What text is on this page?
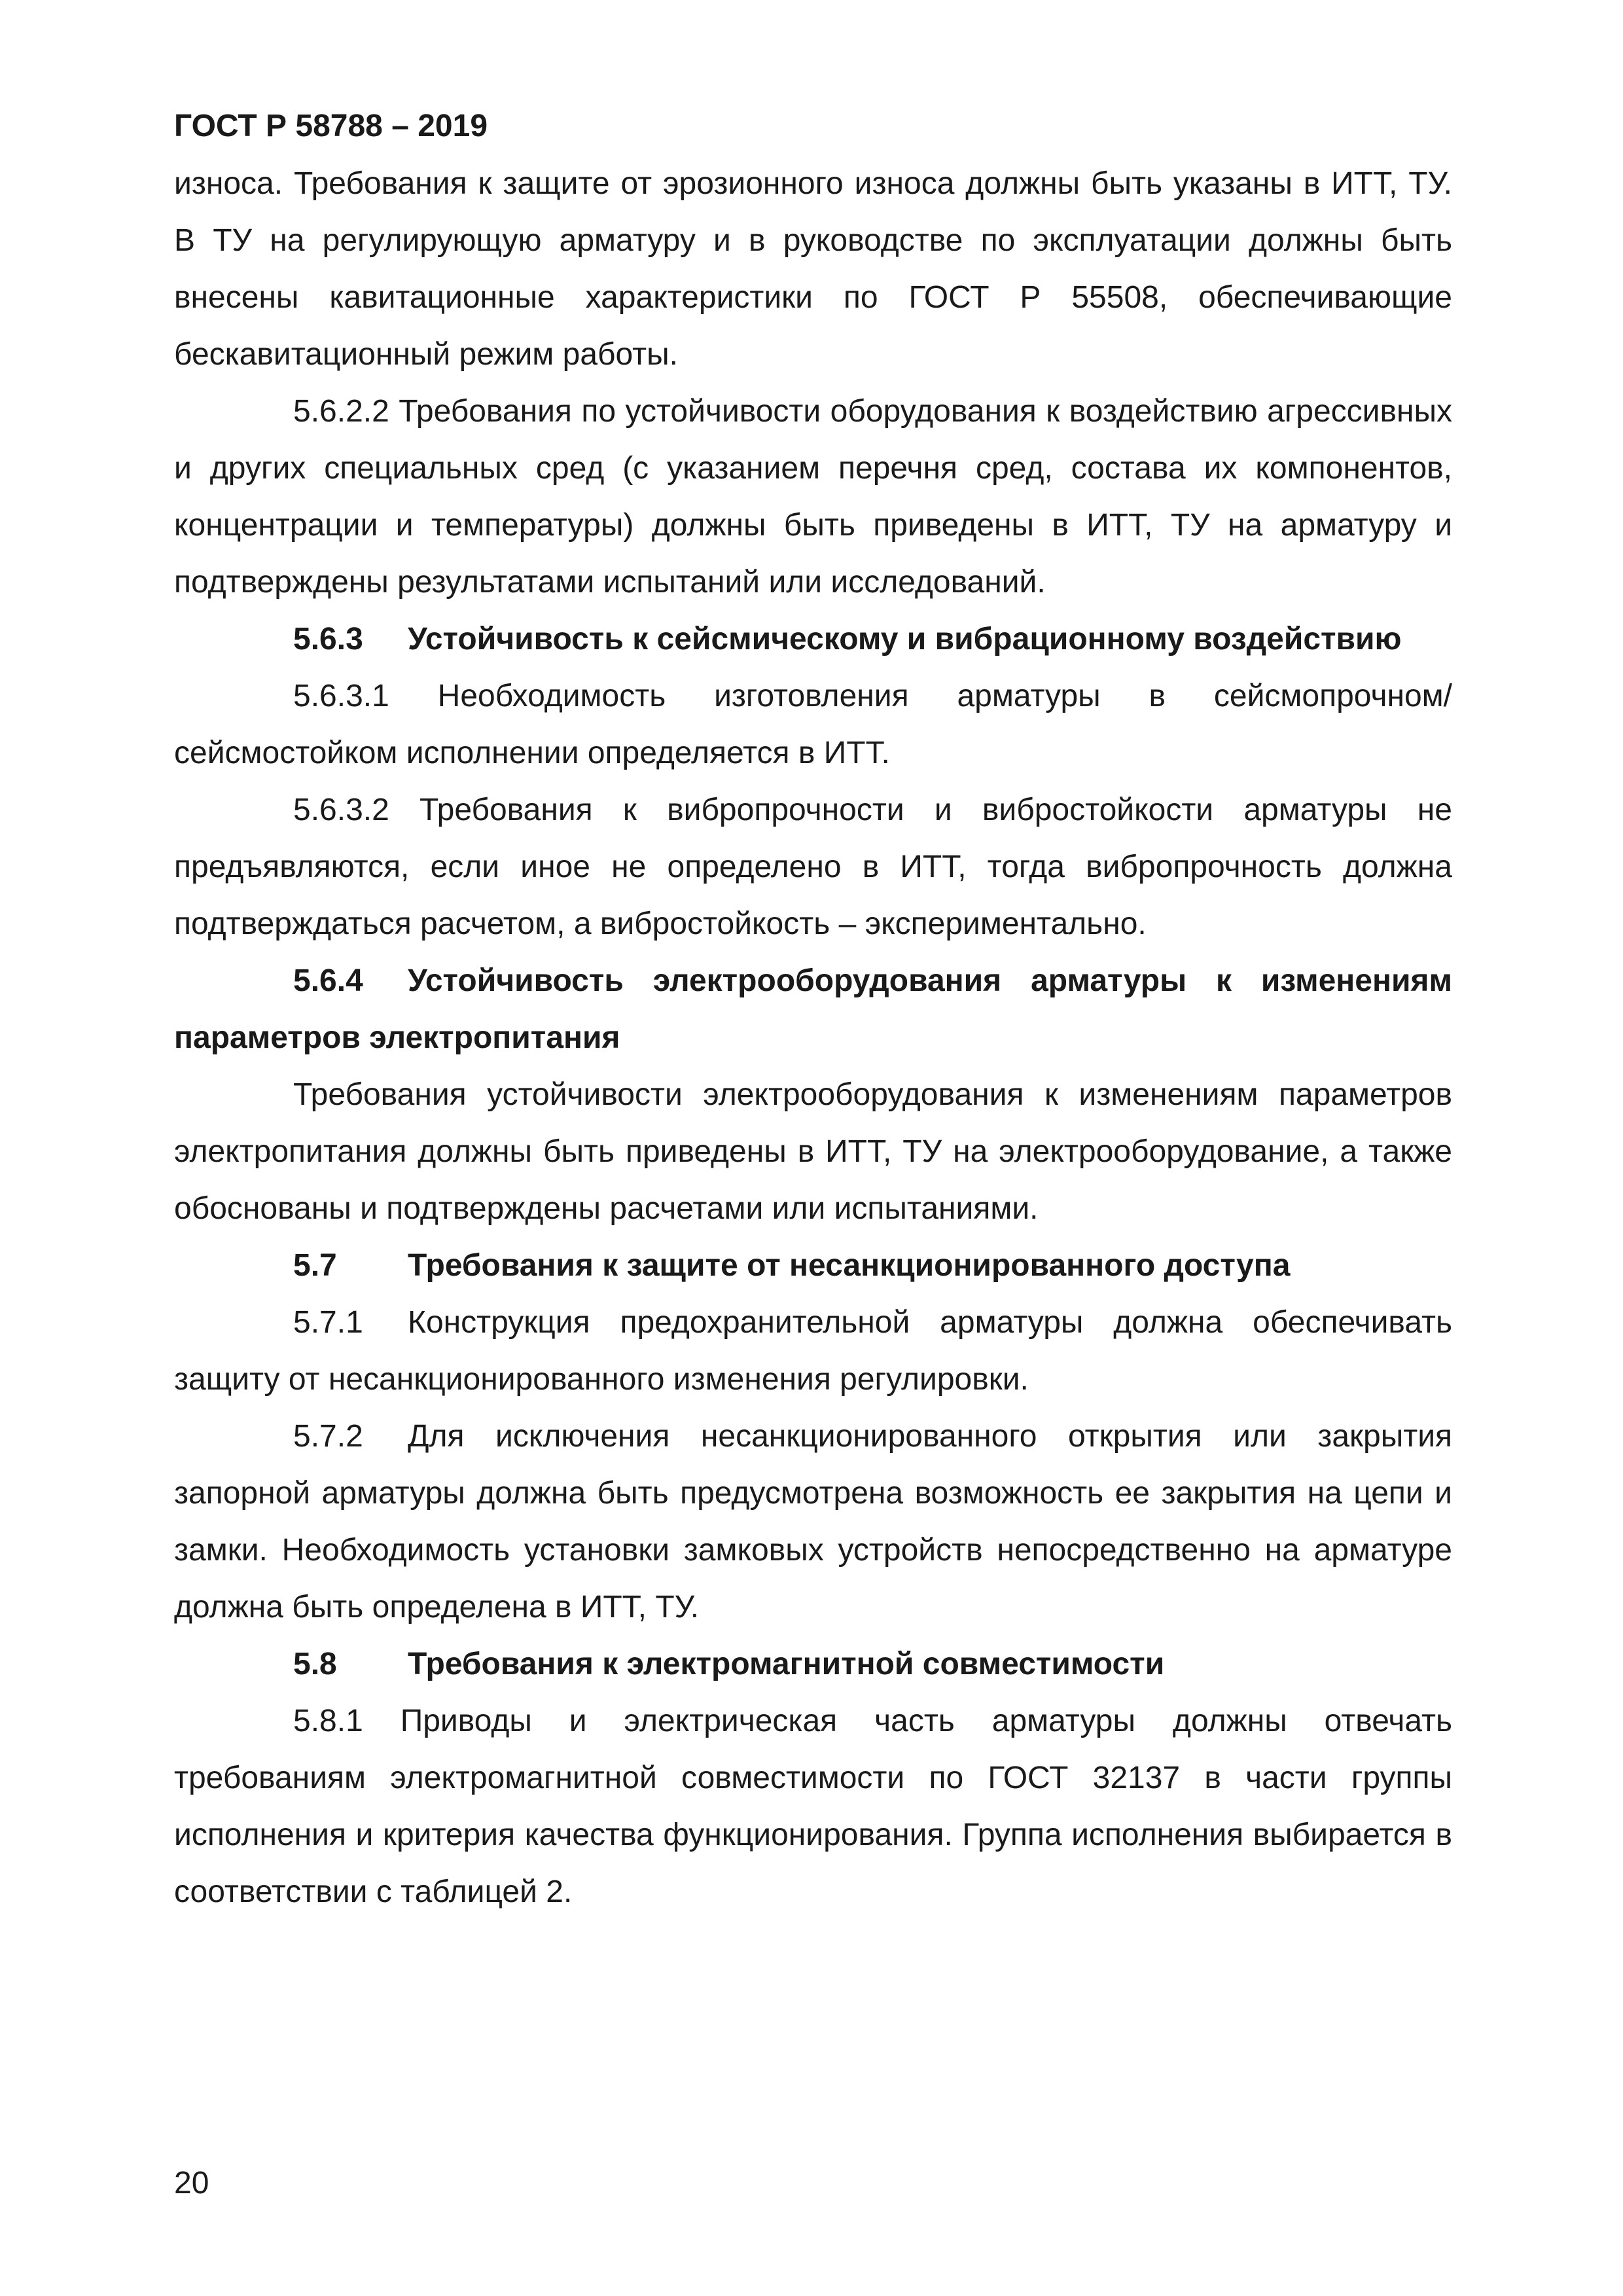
ГОСТ Р 58788 – 2019

износа. Требования к защите от эрозионного износа должны быть указаны в ИТТ, ТУ. В ТУ на регулирующую арматуру и в руководстве по эксплуатации должны быть внесены кавитационные характеристики по ГОСТ Р 55508, обеспечивающие бескавитационный режим работы.

5.6.2.2 Требования по устойчивости оборудования к воздействию агрессивных и других специальных сред (с указанием перечня сред, состава их компонентов, концентрации и температуры) должны быть приведены в ИТТ, ТУ на арматуру и подтверждены результатами испытаний или исследований.

5.6.3 Устойчивость к сейсмическому и вибрационному воздействию

5.6.3.1 Необходимость изготовления арматуры в сейсмопрочном/сейсмостойком исполнении определяется в ИТТ.

5.6.3.2 Требования к вибропрочности и вибростойкости арматуры не предъявляются, если иное не определено в ИТТ, тогда вибропрочность должна подтверждаться расчетом, а вибростойкость – экспериментально.

5.6.4 Устойчивость электрооборудования арматуры к изменениям параметров электропитания

Требования устойчивости электрооборудования к изменениям параметров электропитания должны быть приведены в ИТТ, ТУ на электрооборудование, а также обоснованы и подтверждены расчетами или испытаниями.

5.7 Требования к защите от несанкционированного доступа

5.7.1 Конструкция предохранительной арматуры должна обеспечивать защиту от несанкционированного изменения регулировки.

5.7.2 Для исключения несанкционированного открытия или закрытия запорной арматуры должна быть предусмотрена возможность ее закрытия на цепи и замки. Необходимость установки замковых устройств непосредственно на арматуре должна быть определена в ИТТ, ТУ.

5.8 Требования к электромагнитной совместимости

5.8.1 Приводы и электрическая часть арматуры должны отвечать требованиям электромагнитной совместимости по ГОСТ 32137 в части группы исполнения и критерия качества функционирования. Группа исполнения выбирается в соответствии с таблицей 2.

20
